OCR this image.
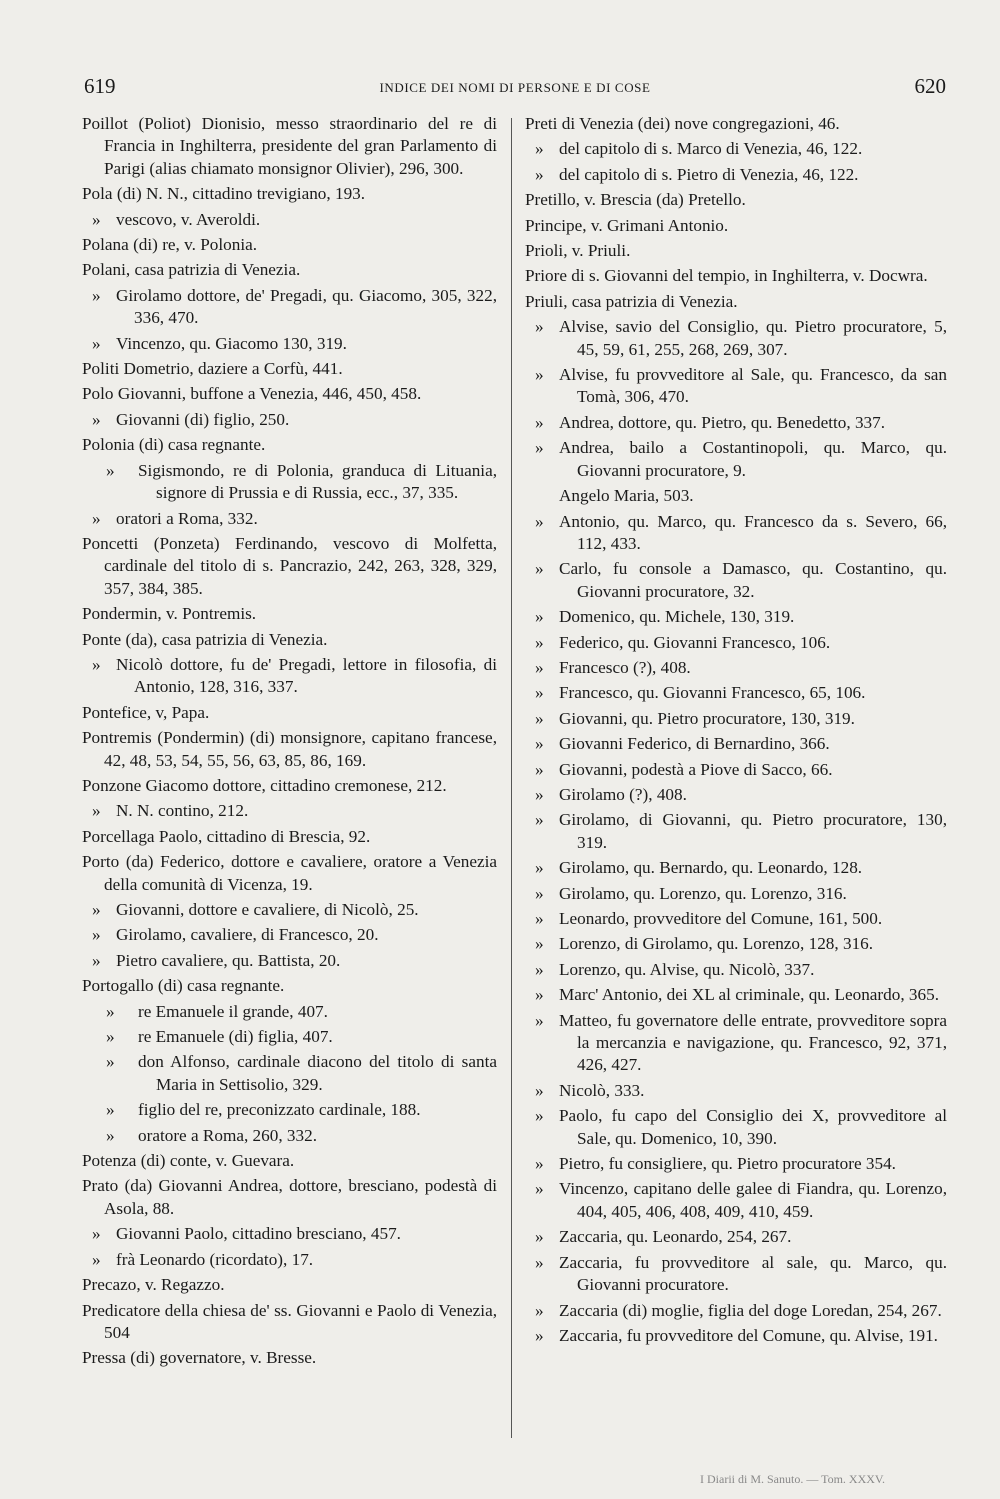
619	INDICE DEI NOMI DI PERSONE E DI COSE	620
Poillot (Poliot) Dionisio, messo straordinario del re di Francia in Inghilterra, presidente del gran Parlamento di Parigi (alias chiamato monsignor Olivier), 296, 300.
Pola (di) N. N., cittadino trevigiano, 193.
» vescovo, v. Averoldi.
Polana (di) re, v. Polonia.
Polani, casa patrizia di Venezia.
» Girolamo dottore, de' Pregadi, qu. Giacomo, 305, 322, 336, 470.
» Vincenzo, qu. Giacomo 130, 319.
Politi Dometrio, daziere a Corfù, 441.
Polo Giovanni, buffone a Venezia, 446, 450, 458.
» Giovanni (di) figlio, 250.
Polonia (di) casa regnante.
»	Sigismondo, re di Polonia, granduca di Lituania, signore di Prussia e di Russia, ecc., 37, 335.
» oratori a Roma, 332.
Poncetti (Ponzeta) Ferdinando, vescovo di Molfetta, cardinale del titolo di s. Pancrazio, 242, 263, 328, 329, 357, 384, 385.
Pondermin, v. Pontremis.
Ponte (da), casa patrizia di Venezia.
» Nicolò dottore, fu de' Pregadi, lettore in filosofia, di Antonio, 128, 316, 337.
Pontefice, v, Papa.
Pontremis (Pondermin) (di) monsignore, capitano francese, 42, 48, 53, 54, 55, 56, 63, 85, 86, 169.
Ponzone Giacomo dottore, cittadino cremonese, 212.
» N. N. contino, 212.
Porcellaga Paolo, cittadino di Brescia, 92.
Porto (da) Federico, dottore e cavaliere, oratore a Venezia della comunità di Vicenza, 19.
» Giovanni, dottore e cavaliere, di Nicolò, 25.
» Girolamo, cavaliere, di Francesco, 20.
» Pietro cavaliere, qu. Battista, 20.
Portogallo (di) casa regnante.
»	re Emanuele il grande, 407.
»	re Emanuele (di) figlia, 407.
»	don Alfonso, cardinale diacono del titolo di santa Maria in Settisolio, 329.
»	figlio del re, preconizzato cardinale, 188.
»	oratore a Roma, 260, 332.
Potenza (di) conte, v. Guevara.
Prato (da) Giovanni Andrea, dottore, bresciano, podestà di Asola, 88.
» Giovanni Paolo, cittadino bresciano, 457.
» frà Leonardo (ricordato), 17.
Precazo, v. Regazzo.
Predicatore della chiesa de' ss. Giovanni e Paolo di Venezia, 504
Pressa (di) governatore, v. Bresse.
Preti di Venezia (dei) nove congregazioni, 46.
» del capitolo di s. Marco di Venezia, 46, 122.
» del capitolo di s. Pietro di Venezia, 46, 122.
Pretillo, v. Brescia (da) Pretello.
Principe, v. Grimani Antonio.
Prioli, v. Priuli.
Priore di s. Giovanni del tempio, in Inghilterra, v. Docwra.
Priuli, casa patrizia di Venezia.
» Alvise, savio del Consiglio, qu. Pietro procuratore, 5, 45, 59, 61, 255, 268, 269, 307.
» Alvise, fu provveditore al Sale, qu. Francesco, da san Tomà, 306, 470.
» Andrea, dottore, qu. Pietro, qu. Benedetto, 337.
» Andrea, bailo a Costantinopoli, qu. Marco, qu. Giovanni procuratore, 9.
Angelo Maria, 503.
» Antonio, qu. Marco, qu. Francesco da s. Severo, 66, 112, 433.
» Carlo, fu console a Damasco, qu. Costantino, qu. Giovanni procuratore, 32.
» Domenico, qu. Michele, 130, 319.
» Federico, qu. Giovanni Francesco, 106.
» Francesco (?), 408.
» Francesco, qu. Giovanni Francesco, 65, 106.
» Giovanni, qu. Pietro procuratore, 130, 319.
» Giovanni Federico, di Bernardino, 366.
» Giovanni, podestà a Piove di Sacco, 66.
» Girolamo (?), 408.
» Girolamo, di Giovanni, qu. Pietro procuratore, 130, 319.
» Girolamo, qu. Bernardo, qu. Leonardo, 128.
» Girolamo, qu. Lorenzo, qu. Lorenzo, 316.
» Leonardo, provveditore del Comune, 161, 500.
» Lorenzo, di Girolamo, qu. Lorenzo, 128, 316.
» Lorenzo, qu. Alvise, qu. Nicolò, 337.
» Marc' Antonio, dei XL al criminale, qu. Leonardo, 365.
» Matteo, fu governatore delle entrate, provveditore sopra la mercanzia e navigazione, qu. Francesco, 92, 371, 426, 427.
» Nicolò, 333.
» Paolo, fu capo del Consiglio dei X, provveditore al Sale, qu. Domenico, 10, 390.
» Pietro, fu consigliere, qu. Pietro procuratore 354.
» Vincenzo, capitano delle galee di Fiandra, qu. Lorenzo, 404, 405, 406, 408, 409, 410, 459.
» Zaccaria, qu. Leonardo, 254, 267.
» Zaccaria, fu provveditore al sale, qu. Marco, qu. Giovanni procuratore.
» Zaccaria (di) moglie, figlia del doge Loredan, 254, 267.
» Zaccaria, fu provveditore del Comune, qu. Alvise, 191.
I Diarii di M. Sanuto. — Tom. XXXV.
